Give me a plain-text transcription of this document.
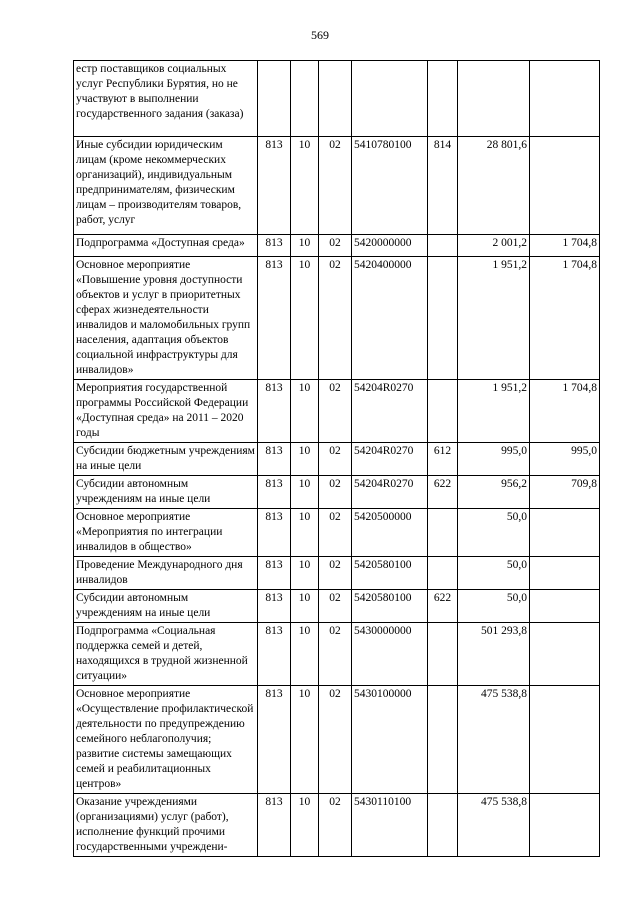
569
естр поставщиков социальных услуг Республики Бурятия, но не участвуют в выполнении государственного задания (заказа)							
Иные субсидии юридическим лицам (кроме некоммерческих организаций), индивидуальным предпринимателям, физическим лицам – производителям товаров, работ, услуг	813	10	02	5410780100	814	28 801,6	
Подпрограмма «Доступная среда»	813	10	02	5420000000		2 001,2	1 704,8
Основное мероприятие «Повышение уровня доступности объектов и услуг в приоритетных сферах жизнедеятельности инвалидов и маломобильных групп населения, адаптация объектов социальной инфраструктуры для инвалидов»	813	10	02	5420400000		1 951,2	1 704,8
Мероприятия государственной программы Российской Федерации «Доступная среда» на 2011 – 2020 годы	813	10	02	54204R0270		1 951,2	1 704,8
Субсидии бюджетным учреждениям на иные цели	813	10	02	54204R0270	612	995,0	995,0
Субсидии автономным учреждениям на иные цели	813	10	02	54204R0270	622	956,2	709,8
Основное мероприятие «Мероприятия по интеграции инвалидов в общество»	813	10	02	5420500000		50,0	
Проведение Международного дня инвалидов	813	10	02	5420580100		50,0	
Субсидии автономным учреждениям на иные цели	813	10	02	5420580100	622	50,0	
Подпрограмма «Социальная поддержка семей и детей, находящихся в трудной жизненной ситуации»	813	10	02	5430000000		501 293,8	
Основное мероприятие «Осуществление профилактической деятельности по предупреждению семейного неблагополучия; развитие системы замещающих семей и реабилитационных центров»	813	10	02	5430100000		475 538,8	
Оказание учреждениями (организациями) услуг (работ), исполнение функций прочими государственными учреждени-	813	10	02	5430110100		475 538,8	
